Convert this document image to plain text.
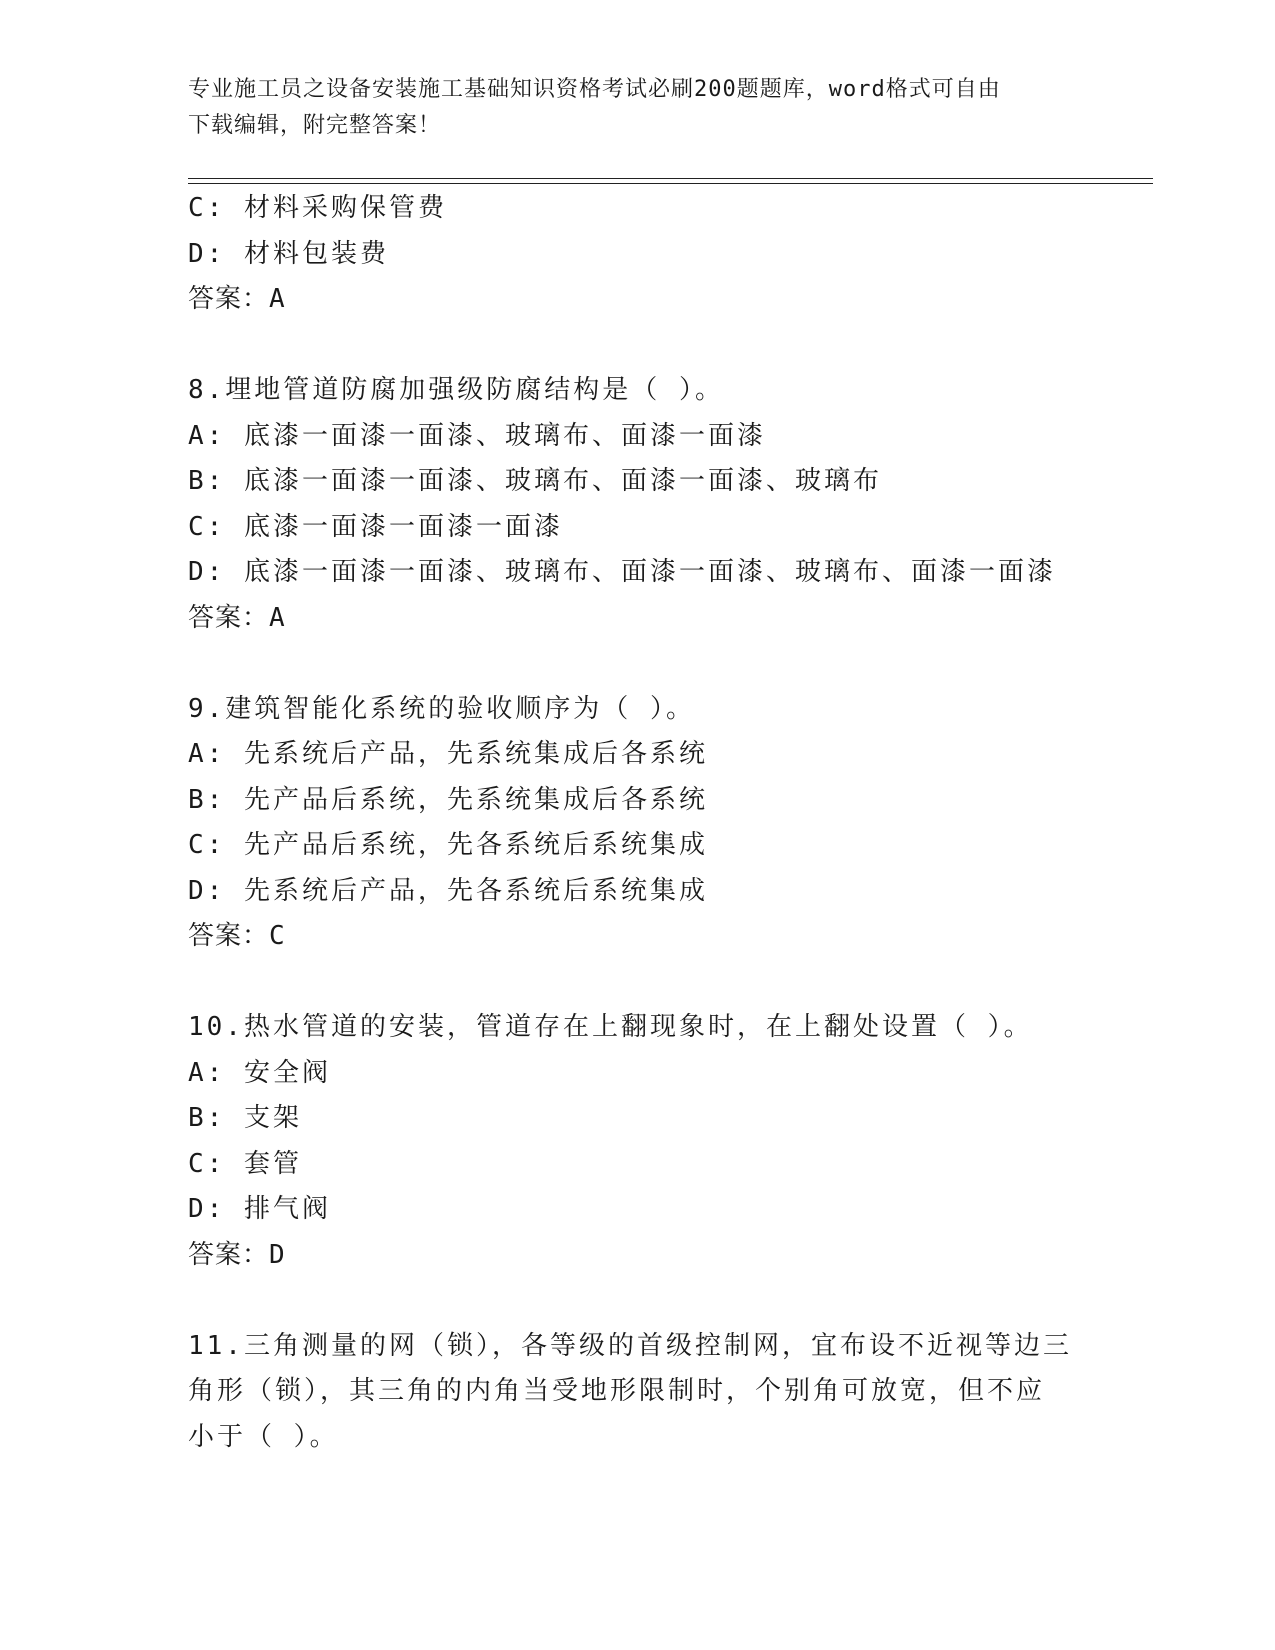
专业施工员之设备安装施工基础知识资格考试必刷200题题库，word格式可自由
下载编辑，附完整答案！
C: 材料采购保管费
D: 材料包装费
答案：A
8.埋地管道防腐加强级防腐结构是（ ）。
A: 底漆一面漆一面漆、玻璃布、面漆一面漆
B: 底漆一面漆一面漆、玻璃布、面漆一面漆、玻璃布
C: 底漆一面漆一面漆一面漆
D: 底漆一面漆一面漆、玻璃布、面漆一面漆、玻璃布、面漆一面漆
答案：A
9.建筑智能化系统的验收顺序为（ ）。
A: 先系统后产品，先系统集成后各系统
B: 先产品后系统，先系统集成后各系统
C: 先产品后系统，先各系统后系统集成
D: 先系统后产品，先各系统后系统集成
答案：C
10.热水管道的安装，管道存在上翻现象时，在上翻处设置（ ）。
A: 安全阀
B: 支架
C: 套管
D: 排气阀
答案：D
11.三角测量的网（锁），各等级的首级控制网，宜布设不近视等边三
角形（锁），其三角的内角当受地形限制时，个别角可放宽，但不应
小于（ ）。
